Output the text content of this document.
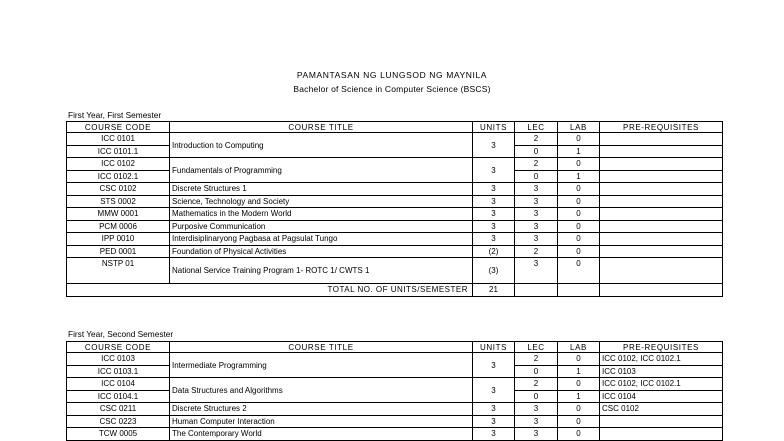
PAMANTASAN NG LUNGSOD NG MAYNILA
Bachelor of Science in Computer Science (BSCS)
First Year, First Semester
COURSE CODE	COURSE TITLE	UNITS	LEC	LAB	PRE-REQUISITES
ICC 0101	Introduction to Computing	3	2	0	
ICC 0101.1			0	1	
ICC 0102	Fundamentals of Programming	3	2	0	
ICC 0102.1			0	1	
CSC 0102	Discrete Structures 1	3	3	0	
STS 0002	Science, Technology and Society	3	3	0	
MMW 0001	Mathematics in the Modern World	3	3	0	
PCM 0006	Purposive Communication	3	3	0	
IPP 0010	Interdisiplinaryong Pagbasa at Pagsulat Tungo	3	3	0	
PED 0001	Foundation of Physical Activities	(2)	2	0	
NSTP 01	National Service Training Program 1- ROTC 1/ CWTS 1	(3)	3	0	
TOTAL NO. OF UNITS/SEMESTER		21			
First Year, Second Semester
COURSE CODE	COURSE TITLE	UNITS	LEC	LAB	PRE-REQUISITES
ICC 0103	Intermediate Programming	3	2	0	ICC 0102, ICC 0102.1
ICC 0103.1			0	1	ICC 0103
ICC 0104	Data Structures and Algorithms	3	2	0	ICC 0102, ICC 0102.1
ICC 0104.1			0	1	ICC 0104
CSC 0211	Discrete Structures 2	3	3	0	CSC 0102
CSC 0223	Human Computer Interaction	3	3	0	
TCW 0005	The Contemporary World	3	3	0	
